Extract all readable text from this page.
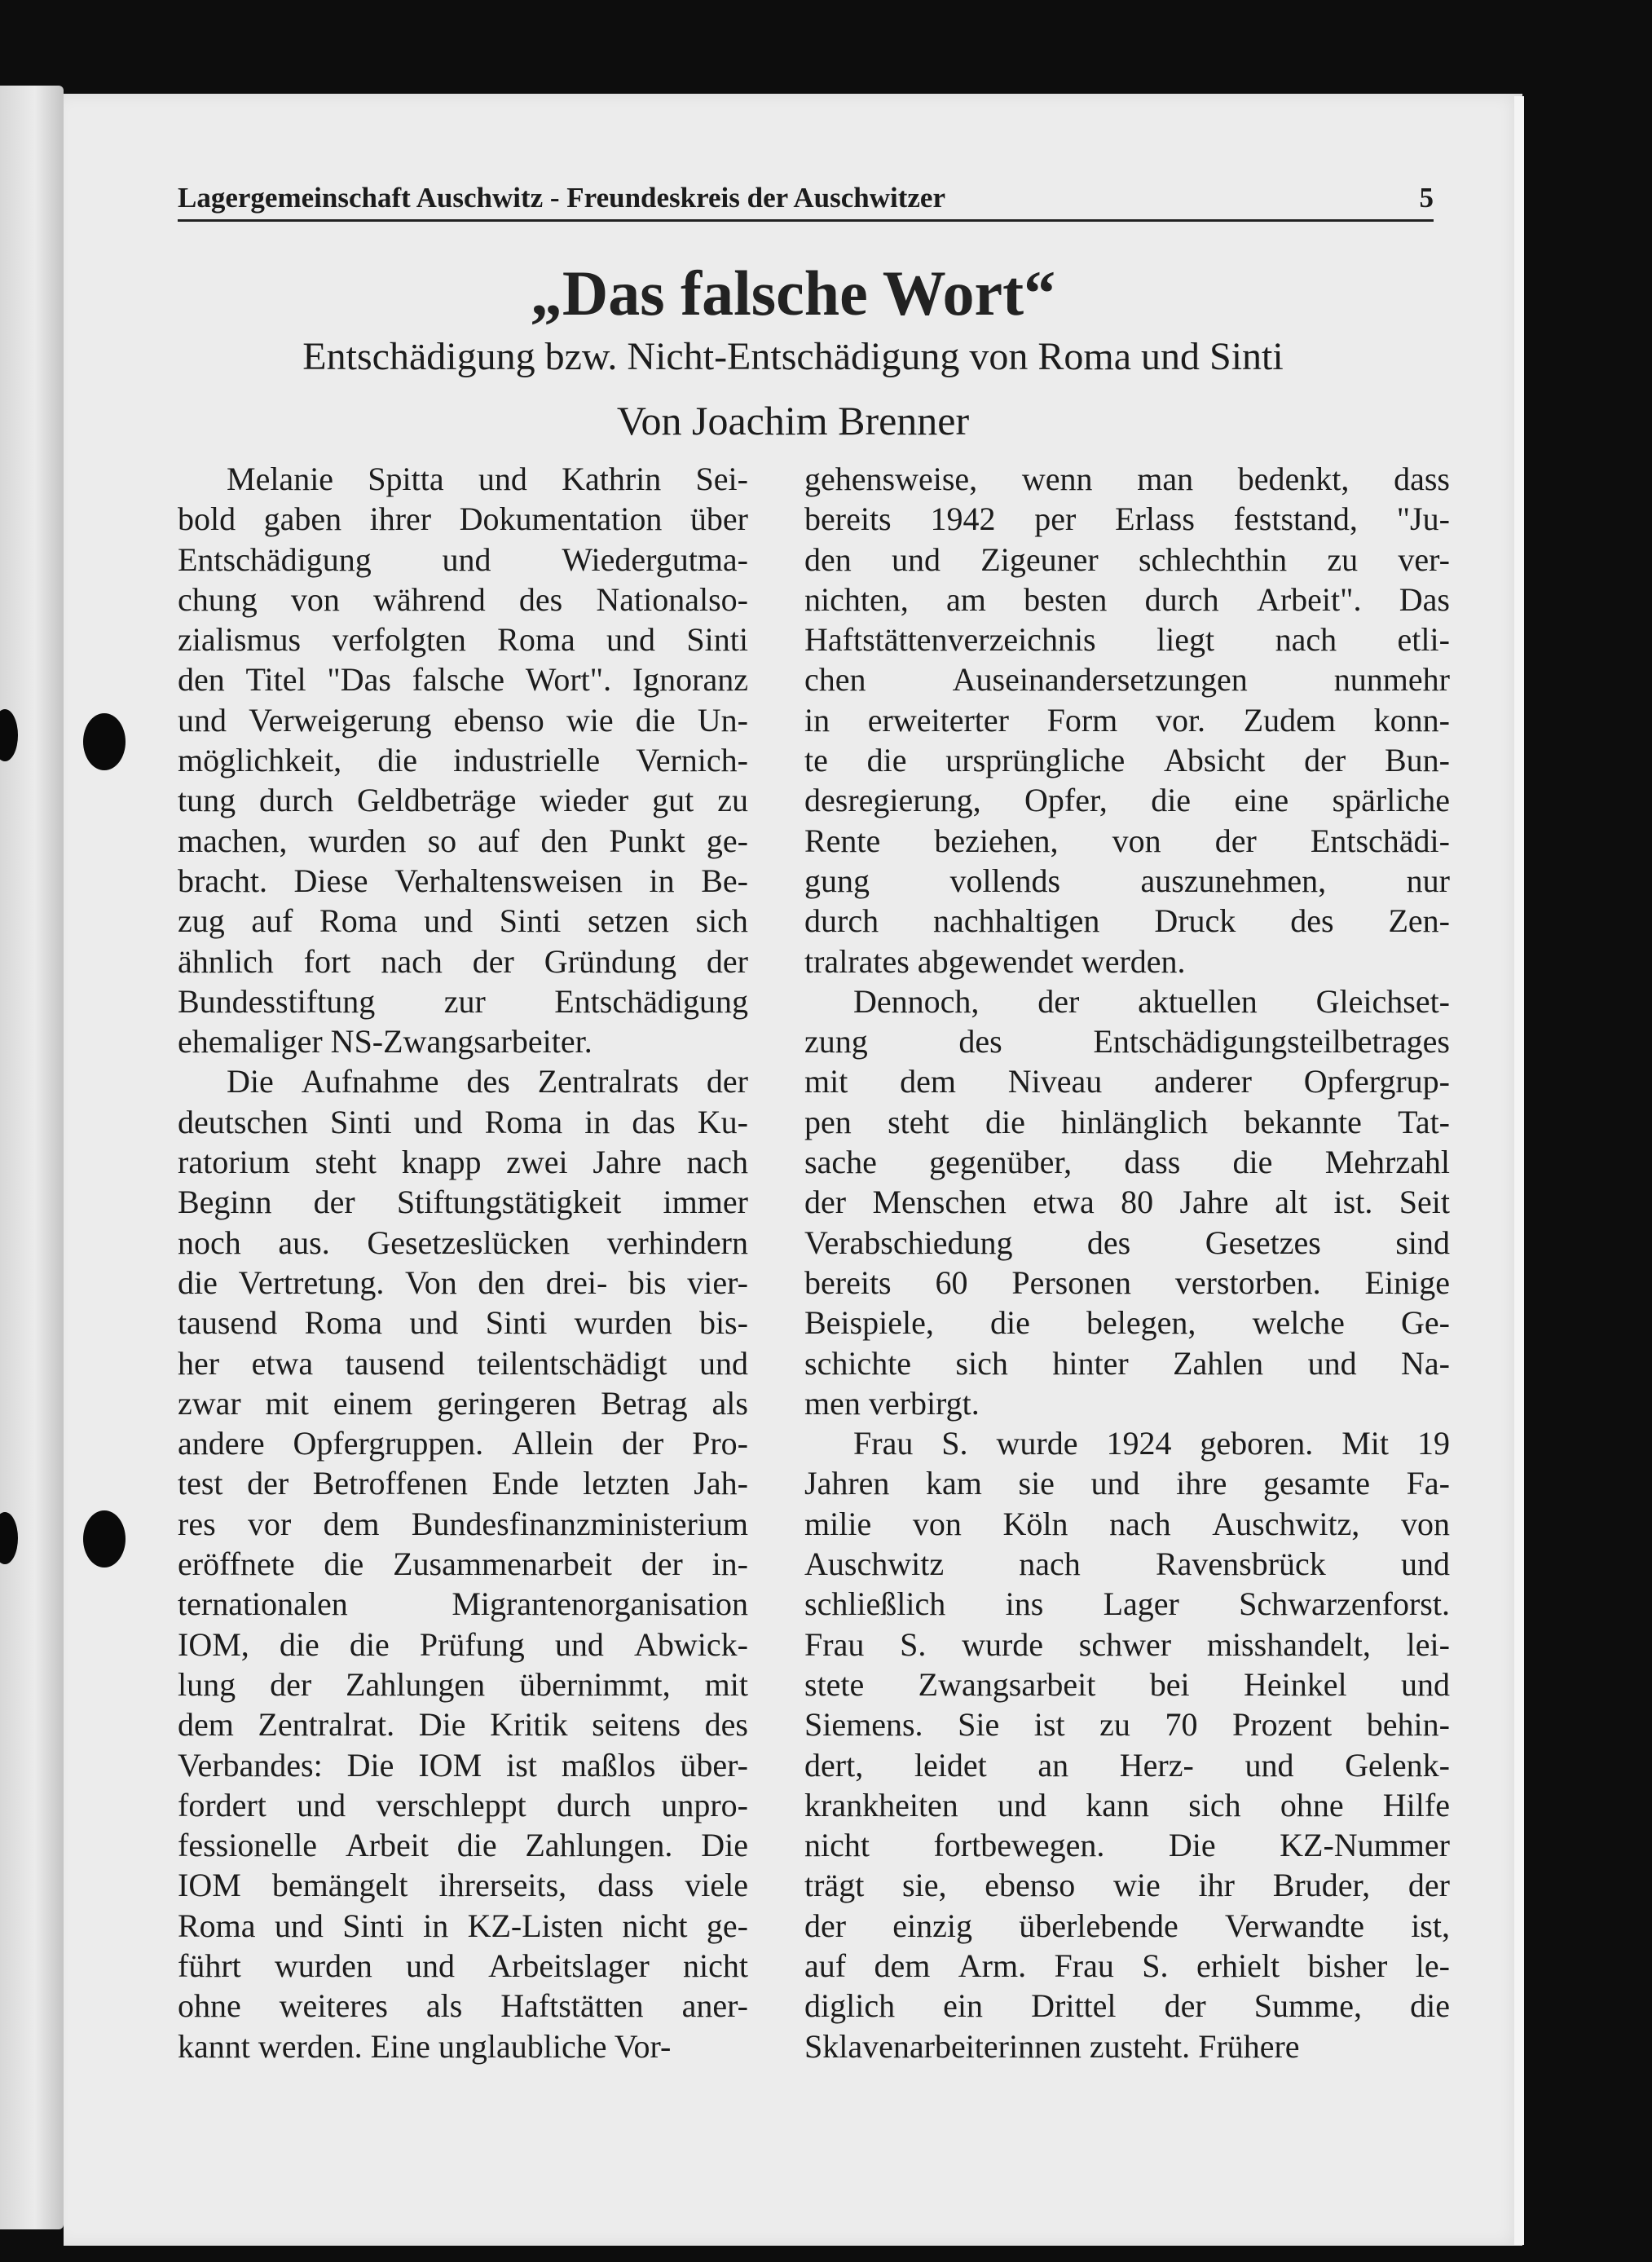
Lagergemeinschaft Auschwitz - Freundeskreis der Auschwitzer	5
„Das falsche Wort“
Entschädigung bzw. Nicht-Entschädigung von Roma und Sinti
Von Joachim Brenner
Melanie Spitta und Kathrin Sei-
bold gaben ihrer Dokumentation über
Entschädigung und Wiedergutma-
chung von während des Nationalso-
zialismus verfolgten Roma und Sinti
den Titel "Das falsche Wort". Ignoranz
und Verweigerung ebenso wie die Un-
möglichkeit, die industrielle Vernich-
tung durch Geldbeträge wieder gut zu
machen, wurden so auf den Punkt ge-
bracht. Diese Verhaltensweisen in Be-
zug auf Roma und Sinti setzen sich
ähnlich fort nach der Gründung der
Bundesstiftung zur Entschädigung
ehemaliger NS-Zwangsarbeiter.
Die Aufnahme des Zentralrats der
deutschen Sinti und Roma in das Ku-
ratorium steht knapp zwei Jahre nach
Beginn der Stiftungstätigkeit immer
noch aus. Gesetzeslücken verhindern
die Vertretung. Von den drei- bis vier-
tausend Roma und Sinti wurden bis-
her etwa tausend teilentschädigt und
zwar mit einem geringeren Betrag als
andere Opfergruppen. Allein der Pro-
test der Betroffenen Ende letzten Jah-
res vor dem Bundesfinanzministerium
eröffnete die Zusammenarbeit der in-
ternationalen	Migrantenorganisation
IOM, die die Prüfung und Abwick-
lung der Zahlungen übernimmt, mit
dem Zentralrat. Die Kritik seitens des
Verbandes: Die IOM ist maßlos über-
fordert und verschleppt durch unpro-
fessionelle Arbeit die Zahlungen. Die
IOM bemängelt ihrerseits, dass viele
Roma und Sinti in KZ-Listen nicht ge-
führt wurden und Arbeitslager nicht
ohne weiteres als Haftstätten aner-
kannt werden. Eine unglaubliche Vor-
gehensweise, wenn man bedenkt, dass
bereits 1942 per Erlass feststand, "Ju-
den und Zigeuner schlechthin zu ver-
nichten, am besten durch Arbeit". Das
Haftstättenverzeichnis liegt nach etli-
chen	Auseinandersetzungen	nunmehr
in erweiterter Form vor. Zudem konn-
te die ursprüngliche Absicht der Bun-
desregierung, Opfer, die eine spärliche
Rente beziehen, von der Entschädi-
gung vollends auszunehmen, nur
durch nachhaltigen Druck des Zen-
tralrates abgewendet werden.
Dennoch, der aktuellen Gleichset-
zung	des	Entschädigungsteilbetrages
mit dem Niveau anderer Opfergrup-
pen steht die hinlänglich bekannte Tat-
sache gegenüber, dass die Mehrzahl
der Menschen etwa 80 Jahre alt ist. Seit
Verabschiedung des Gesetzes sind
bereits 60 Personen verstorben. Einige
Beispiele, die belegen, welche Ge-
schichte sich hinter Zahlen und Na-
men verbirgt.
Frau S. wurde 1924 geboren. Mit 19
Jahren kam sie und ihre gesamte Fa-
milie von Köln nach Auschwitz, von
Auschwitz nach Ravensbrück und
schließlich ins Lager Schwarzenforst.
Frau S. wurde schwer misshandelt, lei-
stete Zwangsarbeit bei Heinkel und
Siemens. Sie ist zu 70 Prozent behin-
dert, leidet an Herz- und Gelenk-
krankheiten und kann sich ohne Hilfe
nicht fortbewegen. Die KZ-Nummer
trägt sie, ebenso wie ihr Bruder, der
der einzig überlebende Verwandte ist,
auf dem Arm. Frau S. erhielt bisher le-
diglich ein Drittel der Summe, die
Sklavenarbeiterinnen zusteht. Frühere
